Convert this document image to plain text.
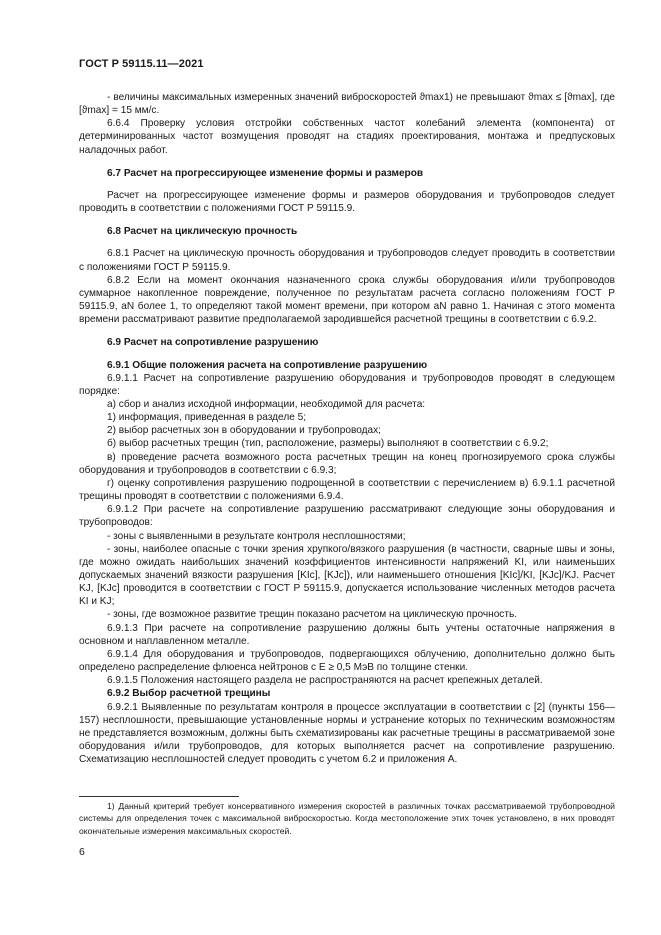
ГОСТ Р 59115.11—2021

- величины максимальных измеренных значений виброскоростей ϑmax1) не превышают ϑmax ≤ [ϑmax], где [ϑmax] = 15 мм/с.

6.6.4 Проверку условия отстройки собственных частот колебаний элемента (компонента) от детерминированных частот возмущения проводят на стадиях проектирования, монтажа и предпусковых наладочных работ.

6.7 Расчет на прогрессирующее изменение формы и размеров

Расчет на прогрессирующее изменение формы и размеров оборудования и трубопроводов следует проводить в соответствии с положениями ГОСТ Р 59115.9.

6.8 Расчет на циклическую прочность

6.8.1 Расчет на циклическую прочность оборудования и трубопроводов следует проводить в соответствии с положениями ГОСТ Р 59115.9.

6.8.2 Если на момент окончания назначенного срока службы оборудования и/или трубопроводов суммарное накопленное повреждение, полученное по результатам расчета согласно положениям ГОСТ Р 59115.9, aN более 1, то определяют такой момент времени, при котором aN равно 1. Начиная с этого момента времени рассматривают развитие предполагаемой зародившейся расчетной трещины в соответствии с 6.9.2.

6.9 Расчет на сопротивление разрушению

6.9.1 Общие положения расчета на сопротивление разрушению

6.9.1.1 Расчет на сопротивление разрушению оборудования и трубопроводов проводят в следующем порядке:

а) сбор и анализ исходной информации, необходимой для расчета:

1) информация, приведенная в разделе 5;

2) выбор расчетных зон в оборудовании и трубопроводах;

б) выбор расчетных трещин (тип, расположение, размеры) выполняют в соответствии с 6.9.2;

в) проведение расчета возможного роста расчетных трещин на конец прогнозируемого срока службы оборудования и трубопроводов в соответствии с 6.9.3;

г) оценку сопротивления разрушению подрощенной в соответствии с перечислением в) 6.9.1.1 расчетной трещины проводят в соответствии с положениями 6.9.4.

6.9.1.2 При расчете на сопротивление разрушению рассматривают следующие зоны оборудования и трубопроводов:

- зоны с выявленными в результате контроля несплошностями;

- зоны, наиболее опасные с точки зрения хрупкого/вязкого разрушения (в частности, сварные швы и зоны, где можно ожидать наибольших значений коэффициентов интенсивности напряжений KI, или наименьших допускаемых значений вязкости разрушения [KIc], [KJc]), или наименьшего отношения [KIc]/KI, [KJc]/KJ. Расчет KJ, [KJc] проводится в соответствии с ГОСТ Р 59115.9, допускается использование численных методов расчета KI и KJ;

- зоны, где возможное развитие трещин показано расчетом на циклическую прочность.

6.9.1.3 При расчете на сопротивление разрушению должны быть учтены остаточные напряжения в основном и наплавленном металле.

6.9.1.4 Для оборудования и трубопроводов, подвергающихся облучению, дополнительно должно быть определено распределение флюенса нейтронов с E ≥ 0,5 МэВ по толщине стенки.

6.9.1.5 Положения настоящего раздела не распространяются на расчет крепежных деталей.

6.9.2 Выбор расчетной трещины

6.9.2.1 Выявленные по результатам контроля в процессе эксплуатации в соответствии с [2] (пункты 156—157) несплошности, превышающие установленные нормы и устранение которых по техническим возможностям не представляется возможным, должны быть схематизированы как расчетные трещины в рассматриваемой зоне оборудования и/или трубопроводов, для которых выполняется расчет на сопротивление разрушению. Схематизацию несплошностей следует проводить с учетом 6.2 и приложения А.

1) Данный критерий требует консервативного измерения скоростей в различных точках рассматриваемой трубопроводной системы для определения точек с максимальной виброскоростью. Когда местоположение этих точек установлено, в них проводят окончательные измерения максимальных скоростей.

6
